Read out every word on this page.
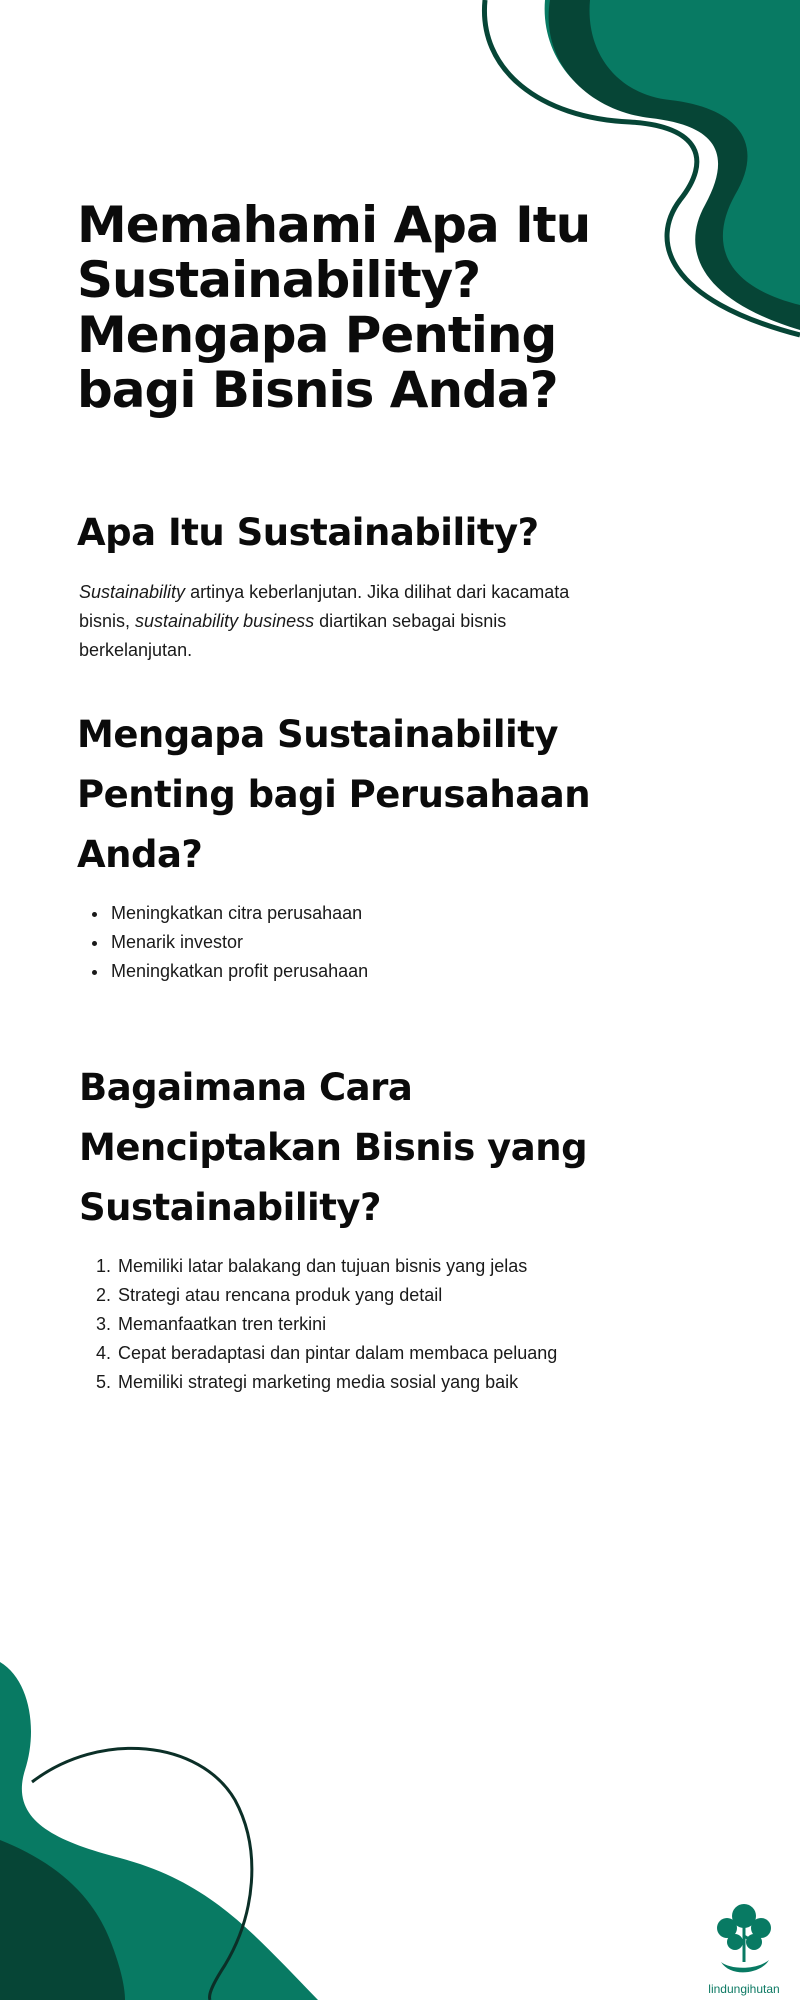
Memahami Apa Itu Sustainability? Mengapa Penting bagi Bisnis Anda?
Apa Itu Sustainability?

Sustainability artinya keberlanjutan. Jika dilihat dari kacamata bisnis, sustainability business diartikan sebagai bisnis berkelanjutan.

Mengapa Sustainability Penting bagi Perusahaan Anda?
• Meningkatkan citra perusahaan
• Menarik investor
• Meningkatkan profit perusahaan
Bagaimana Cara Menciptakan Bisnis yang Sustainability?
1. Memiliki latar balakang dan tujuan bisnis yang jelas
2. Strategi atau rencana produk yang detail
3. Memanfaatkan tren terkini
4. Cepat beradaptasi dan pintar dalam membaca peluang
5. Memiliki strategi marketing media sosial yang baik
lindungihutan
